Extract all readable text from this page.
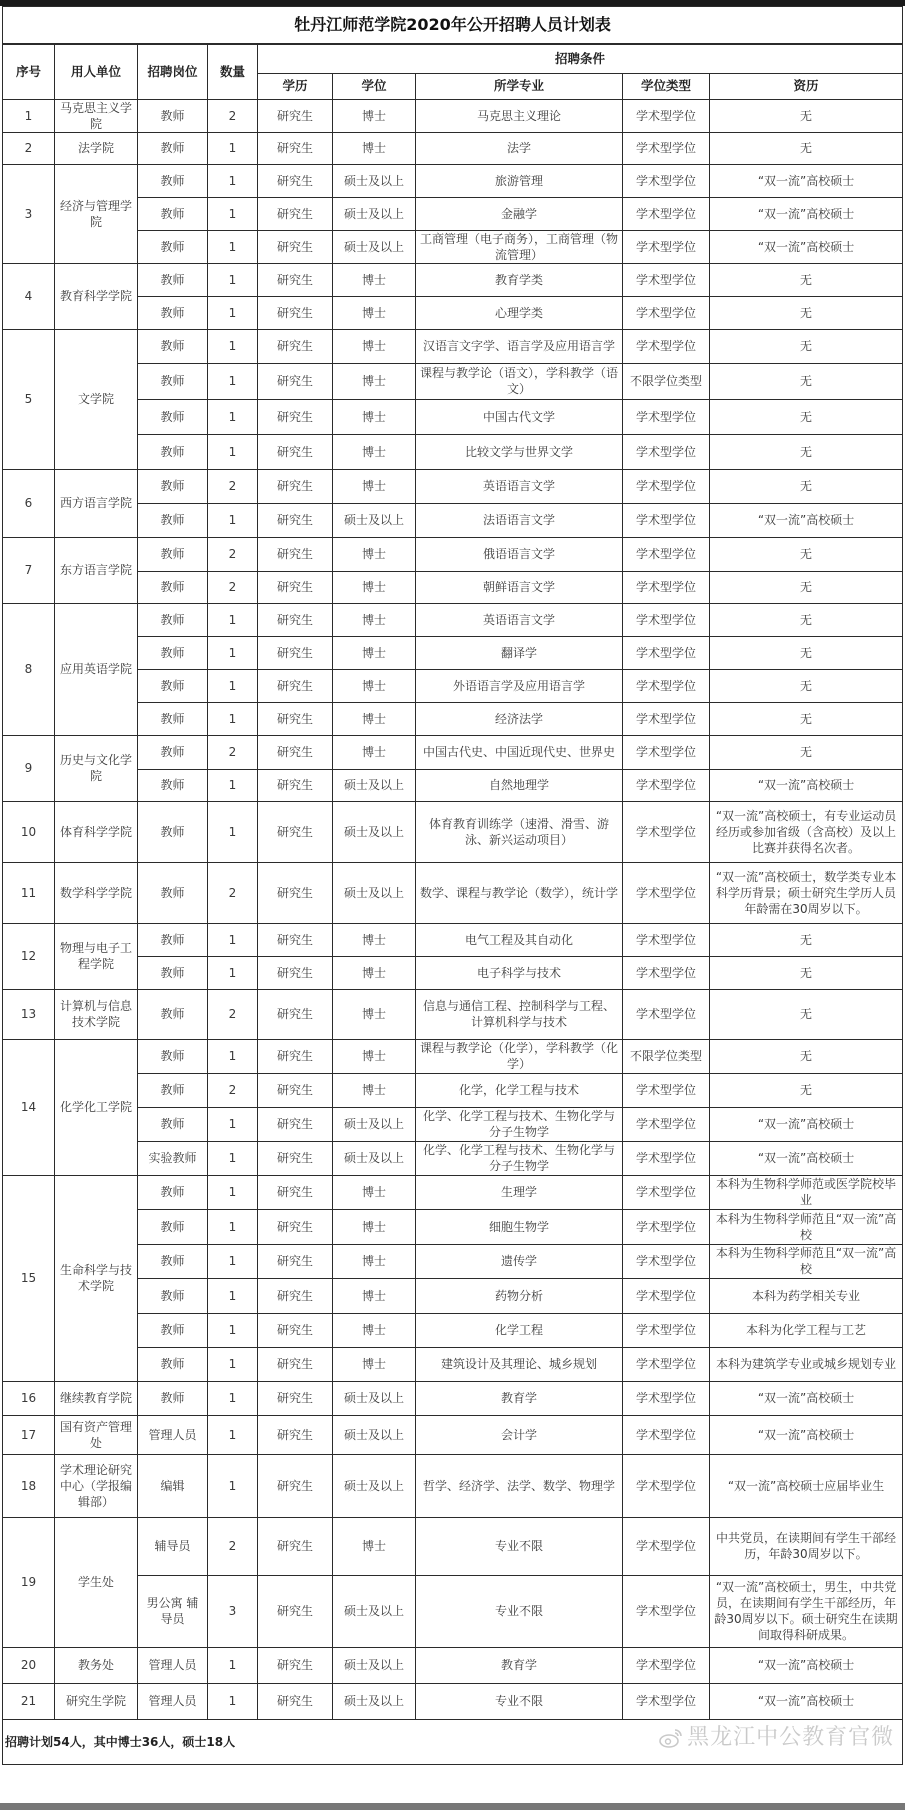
牡丹江师范学院2020年公开招聘人员计划表								
序号	用人单位	招聘岗位	数量	招聘条件				
				学历	学位	所学专业	学位类型	资历
1	马克思主义学院	教师	2	研究生	博士	马克思主义理论	学术型学位	无
2	法学院	教师	1	研究生	博士	法学	学术型学位	无
3	经济与管理学院	教师	1	研究生	硕士及以上	旅游管理	学术型学位	“双一流”高校硕士
		教师	1	研究生	硕士及以上	金融学	学术型学位	“双一流”高校硕士
		教师	1	研究生	硕士及以上	工商管理（电子商务），工商管理（物流管理）	学术型学位	“双一流”高校硕士
4	教育科学学院	教师	1	研究生	博士	教育学类	学术型学位	无
		教师	1	研究生	博士	心理学类	学术型学位	无
5	文学院	教师	1	研究生	博士	汉语言文字学、语言学及应用语言学	学术型学位	无
		教师	1	研究生	博士	课程与教学论（语文），学科教学（语文）	不限学位类型	无
		教师	1	研究生	博士	中国古代文学	学术型学位	无
		教师	1	研究生	博士	比较文学与世界文学	学术型学位	无
6	西方语言学院	教师	2	研究生	博士	英语语言文学	学术型学位	无
		教师	1	研究生	硕士及以上	法语语言文学	学术型学位	“双一流”高校硕士
7	东方语言学院	教师	2	研究生	博士	俄语语言文学	学术型学位	无
		教师	2	研究生	博士	朝鲜语言文学	学术型学位	无
8	应用英语学院	教师	1	研究生	博士	英语语言文学	学术型学位	无
		教师	1	研究生	博士	翻译学	学术型学位	无
		教师	1	研究生	博士	外语语言学及应用语言学	学术型学位	无
		教师	1	研究生	博士	经济法学	学术型学位	无
9	历史与文化学院	教师	2	研究生	博士	中国古代史、中国近现代史、世界史	学术型学位	无
		教师	1	研究生	硕士及以上	自然地理学	学术型学位	“双一流”高校硕士
10	体育科学学院	教师	1	研究生	硕士及以上	体育教育训练学（速滑、滑雪、游泳、新兴运动项目）	学术型学位	“双一流”高校硕士，有专业运动员经历或参加省级（含高校）及以上比赛并获得名次者。
11	数学科学学院	教师	2	研究生	硕士及以上	数学、课程与教学论（数学），统计学	学术型学位	“双一流”高校硕士，数学类专业本科学历背景；硕士研究生学历人员年龄需在30周岁以下。
12	物理与电子工程学院	教师	1	研究生	博士	电气工程及其自动化	学术型学位	无
		教师	1	研究生	博士	电子科学与技术	学术型学位	无
13	计算机与信息技术学院	教师	2	研究生	博士	信息与通信工程、控制科学与工程、计算机科学与技术	学术型学位	无
14	化学化工学院	教师	1	研究生	博士	课程与教学论（化学），学科教学（化学）	不限学位类型	无
		教师	2	研究生	博士	化学，化学工程与技术	学术型学位	无
		教师	1	研究生	硕士及以上	化学、化学工程与技术、生物化学与分子生物学	学术型学位	“双一流”高校硕士
		实验教师	1	研究生	硕士及以上	化学、化学工程与技术、生物化学与分子生物学	学术型学位	“双一流”高校硕士
15	生命科学与技术学院	教师	1	研究生	博士	生理学	学术型学位	本科为生物科学师范或医学院校毕业
		教师	1	研究生	博士	细胞生物学	学术型学位	本科为生物科学师范且“双一流”高校
		教师	1	研究生	博士	遗传学	学术型学位	本科为生物科学师范且“双一流”高校
		教师	1	研究生	博士	药物分析	学术型学位	本科为药学相关专业
		教师	1	研究生	博士	化学工程	学术型学位	本科为化学工程与工艺
		教师	1	研究生	博士	建筑设计及其理论、城乡规划	学术型学位	本科为建筑学专业或城乡规划专业
16	继续教育学院	教师	1	研究生	硕士及以上	教育学	学术型学位	“双一流”高校硕士
17	国有资产管理处	管理人员	1	研究生	硕士及以上	会计学	学术型学位	“双一流”高校硕士
18	学术理论研究中心（学报编辑部）	编辑	1	研究生	硕士及以上	哲学、经济学、法学、数学、物理学	学术型学位	“双一流”高校硕士应届毕业生
19	学生处	辅导员	2	研究生	博士	专业不限	学术型学位	中共党员，在读期间有学生干部经历，年龄30周岁以下。
		男公寓 辅导员	3	研究生	硕士及以上	专业不限	学术型学位	“双一流”高校硕士，男生，中共党员，在读期间有学生干部经历，年龄30周岁以下。硕士研究生在读期间取得科研成果。
20	教务处	管理人员	1	研究生	硕士及以上	教育学	学术型学位	“双一流”高校硕士
21	研究生学院	管理人员	1	研究生	硕士及以上	专业不限	学术型学位	“双一流”高校硕士
招聘计划54人，其中博士36人，硕士18人 黑龙江中公教育官微								
